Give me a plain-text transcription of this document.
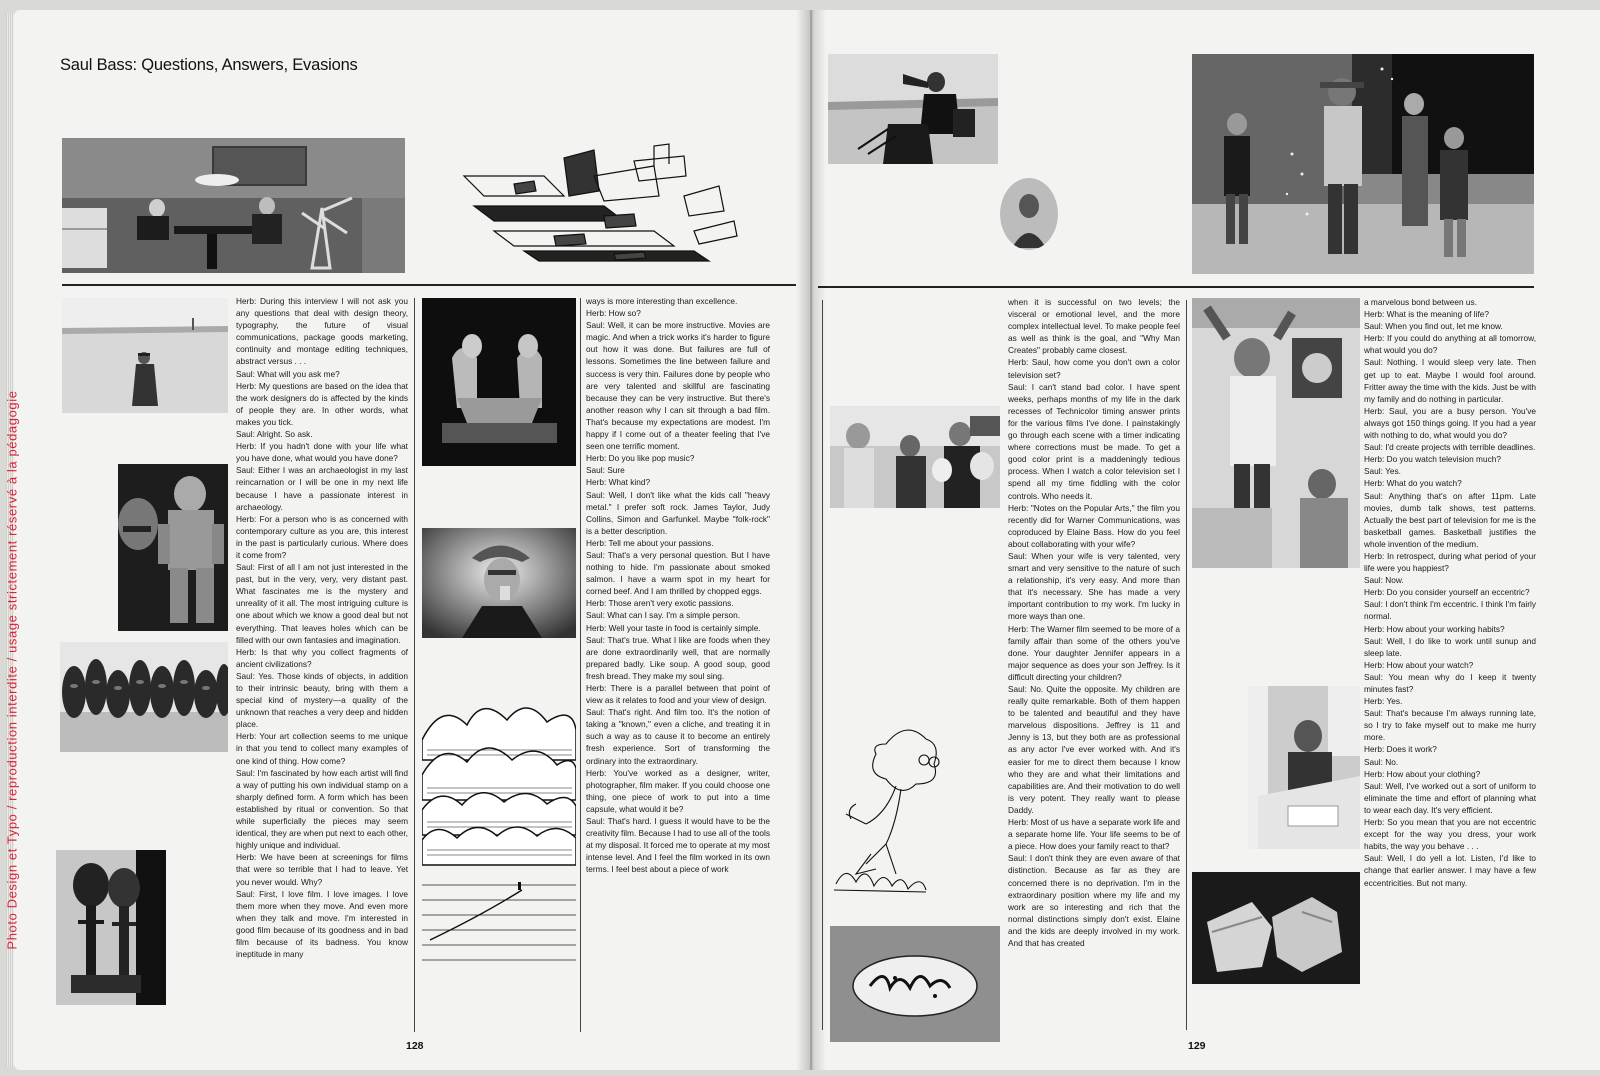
Saul Bass: Questions, Answers, Evasions

Herb: During this interview I will not ask you any questions that deal with design theory, typography, the future of visual communications, package goods marketing, continuity and montage editing techniques, abstract versus . . .

Saul: What will you ask me?

Herb: My questions are based on the idea that the work designers do is affected by the kinds of people they are. In other words, what makes you tick.

Saul: Alright. So ask.

Herb: If you hadn't done with your life what you have done, what would you have done?

Saul: Either I was an archaeologist in my last reincarnation or I will be one in my next life because I have a passionate interest in archaeology.

Herb: For a person who is as concerned with contemporary culture as you are, this interest in the past is particularly curious. Where does it come from?

Saul: First of all I am not just interested in the past, but in the very, very, very distant past. What fascinates me is the mystery and unreality of it all. The most intriguing culture is one about which we know a good deal but not everything. That leaves holes which can be filled with our own fantasies and imagination.

Herb: Is that why you collect fragments of ancient civilizations?

Saul: Yes. Those kinds of objects, in addition to their intrinsic beauty, bring with them a special kind of mystery—a quality of the unknown that reaches a very deep and hidden place.

Herb: Your art collection seems to me unique in that you tend to collect many examples of one kind of thing. How come?

Saul: I'm fascinated by how each artist will find a way of putting his own individual stamp on a sharply defined form. A form which has been established by ritual or convention. So that while superficially the pieces may seem identical, they are when put next to each other, highly unique and individual.

Herb: We have been at screenings for films that were so terrible that I had to leave. Yet you never would. Why?

Saul: First, I love film. I love images. I love them more when they move. And even more when they talk and move. I'm interested in good film because of its goodness and in bad film because of its badness. You know ineptitude in many

ways is more interesting than excellence.

Herb: How so?

Saul: Well, it can be more instructive. Movies are magic. And when a trick works it's harder to figure out how it was done. But failures are full of lessons. Sometimes the line between failure and success is very thin. Failures done by people who are very talented and skillful are fascinating because they can be very instructive. But there's another reason why I can sit through a bad film. That's because my expectations are modest. I'm happy if I come out of a theater feeling that I've seen one terrific moment.

Herb: Do you like pop music?

Saul: Sure

Herb: What kind?

Saul: Well, I don't like what the kids call "heavy metal." I prefer soft rock. James Taylor, Judy Collins, Simon and Garfunkel. Maybe "folk-rock" is a better description.

Herb: Tell me about your passions.

Saul: That's a very personal question. But I have nothing to hide. I'm passionate about smoked salmon. I have a warm spot in my heart for corned beef. And I am thrilled by chopped eggs.

Herb: Those aren't very exotic passions.

Saul: What can I say. I'm a simple person.

Herb: Well your taste in food is certainly simple.

Saul: That's true. What I like are foods when they are done extraordinarily well, that are normally prepared badly. Like soup. A good soup, good fresh bread. They make my soul sing.

Herb: There is a parallel between that point of view as it relates to food and your view of design.

Saul: That's right. And film too. It's the notion of taking a "known," even a cliche, and treating it in such a way as to cause it to become an entirely fresh experience. Sort of transforming the ordinary into the extraordinary.

Herb: You've worked as a designer, writer, photographer, film maker. If you could choose one thing, one piece of work to put into a time capsule, what would it be?

Saul: That's hard. I guess it would have to be the creativity film. Because I had to use all of the tools at my disposal. It forced me to operate at my most intense level. And I feel the film worked in its own terms. I feel best about a piece of work

128

when it is successful on two levels; the visceral or emotional level, and the more complex intellectual level. To make people feel as well as think is the goal, and "Why Man Creates" probably came closest.

Herb: Saul, how come you don't own a color television set?

Saul: I can't stand bad color. I have spent weeks, perhaps months of my life in the dark recesses of Technicolor timing answer prints for the various films I've done. I painstakingly go through each scene with a timer indicating where corrections must be made. To get a good color print is a maddeningly tedious process. When I watch a color television set I spend all my time fiddling with the color controls. Who needs it.

Herb: "Notes on the Popular Arts," the film you recently did for Warner Communications, was coproduced by Elaine Bass. How do you feel about collaborating with your wife?

Saul: When your wife is very talented, very smart and very sensitive to the nature of such a relationship, it's very easy. And more than that it's necessary. She has made a very important contribution to my work. I'm lucky in more ways than one.

Herb: The Warner film seemed to be more of a family affair than some of the others you've done. Your daughter Jennifer appears in a major sequence as does your son Jeffrey. Is it difficult directing your children?

Saul: No. Quite the opposite. My children are really quite remarkable. Both of them happen to be talented and beautiful and they have marvelous dispositions. Jeffrey is 11 and Jenny is 13, but they both are as professional as any actor I've ever worked with. And it's easier for me to direct them because I know who they are and what their limitations and capabilities are. And their motivation to do well is very potent. They really want to please Daddy.

Herb: Most of us have a separate work life and a separate home life. Your life seems to be of a piece. How does your family react to that?

Saul: I don't think they are even aware of that distinction. Because as far as they are concerned there is no deprivation. I'm in the extraordinary position where my life and my work are so interesting and rich that the normal distinctions simply don't exist. Elaine and the kids are deeply involved in my work. And that has created

a marvelous bond between us.

Herb: What is the meaning of life?

Saul: When you find out, let me know.

Herb: If you could do anything at all tomorrow, what would you do?

Saul: Nothing. I would sleep very late. Then get up to eat. Maybe I would fool around. Fritter away the time with the kids. Just be with my family and do nothing in particular.

Herb: Saul, you are a busy person. You've always got 150 things going. If you had a year with nothing to do, what would you do?

Saul: I'd create projects with terrible deadlines.

Herb: Do you watch television much?

Saul: Yes.

Herb: What do you watch?

Saul: Anything that's on after 11pm. Late movies, dumb talk shows, test patterns. Actually the best part of television for me is the basketball games. Basketball justifies the whole invention of the medium.

Herb: In retrospect, during what period of your life were you happiest?

Saul: Now.

Herb: Do you consider yourself an eccentric?

Saul: I don't think I'm eccentric. I think I'm fairly normal.

Herb: How about your working habits?

Saul: Well, I do like to work until sunup and sleep late.

Herb: How about your watch?

Saul: You mean why do I keep it twenty minutes fast?

Herb: Yes.

Saul: That's because I'm always running late, so I try to fake myself out to make me hurry more.

Herb: Does it work?

Saul: No.

Herb: How about your clothing?

Saul: Well, I've worked out a sort of uniform to eliminate the time and effort of planning what to wear each day. It's very efficient.

Herb: So you mean that you are not eccentric except for the way you dress, your work habits, the way you behave . . .

Saul: Well, I do yell a lot. Listen, I'd like to change that earlier answer. I may have a few eccentricities. But not many.

129
Photo Design et Typo / reproduction interdite / usage strictement réservé à la pédagogie
